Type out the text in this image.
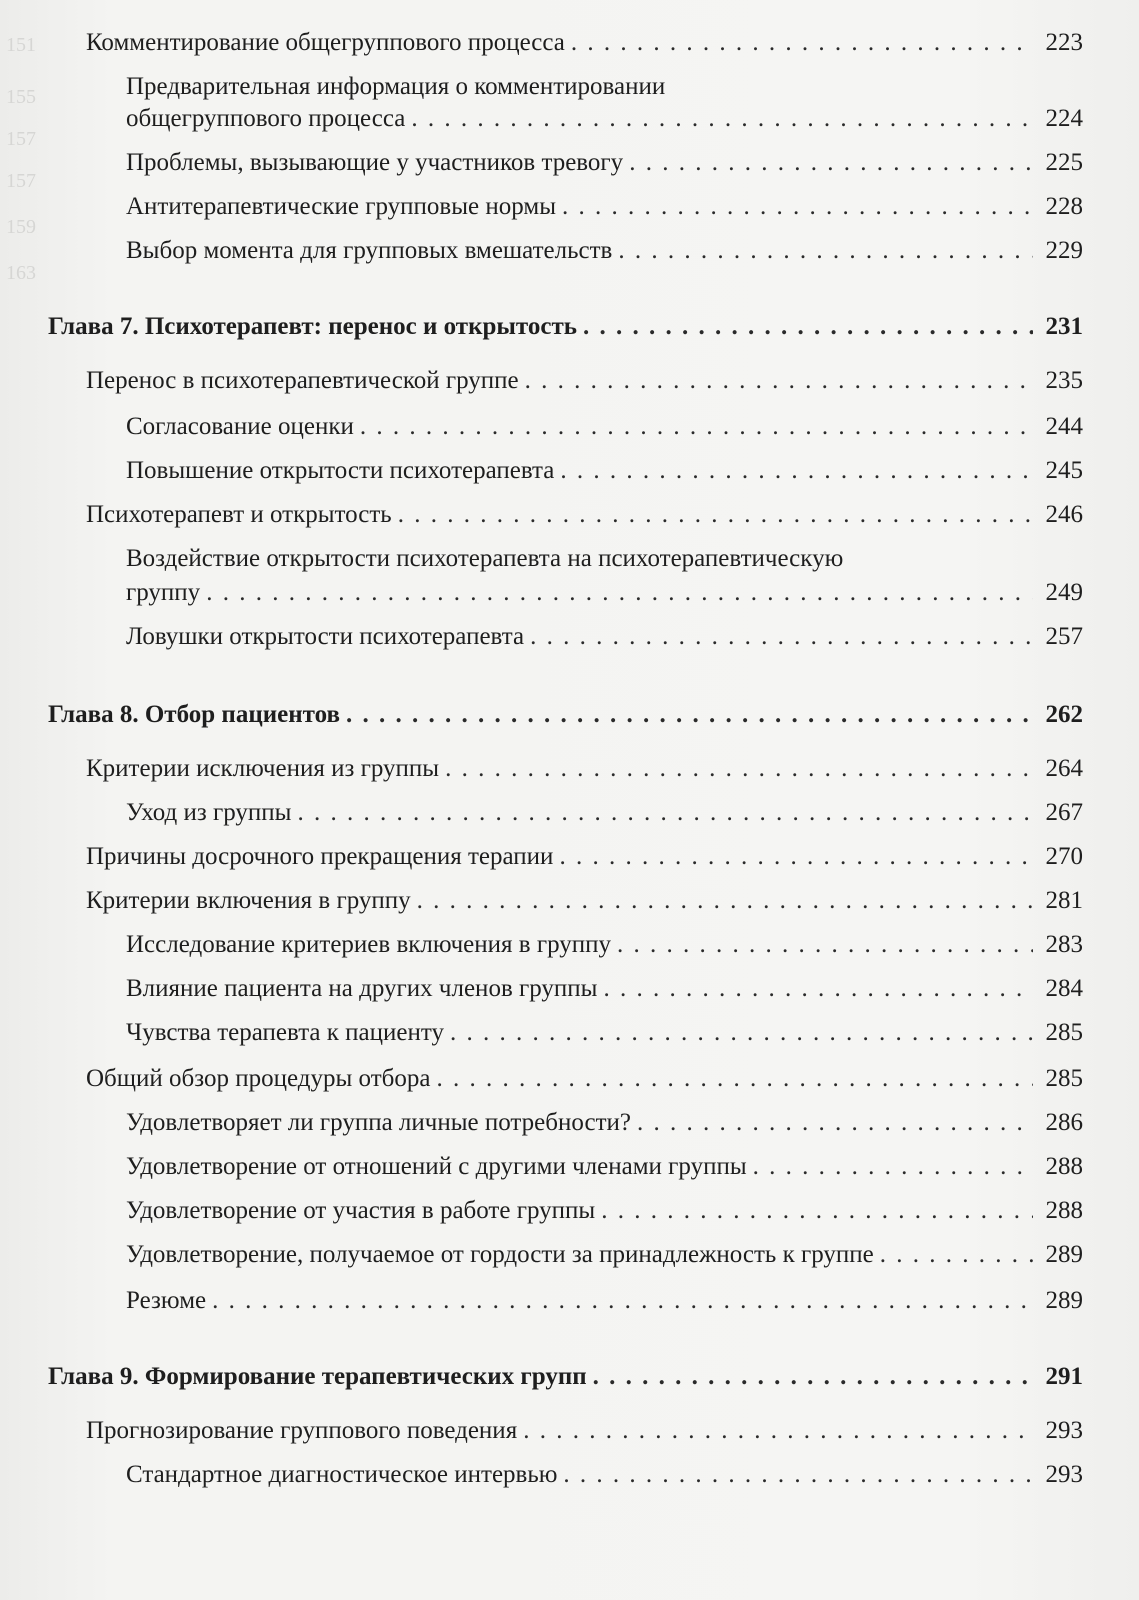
151
155
157
157
159
163
Комментирование общегруппового процесса . . .	223
Предварительная информация о комментировании
общегруппового процесса . . .	224
Проблемы, вызывающие у участников тревогу . . .	225
Антитерапевтические групповые нормы . . .	228
Выбор момента для групповых вмешательств . . .	229
Глава 7. Психотерапевт: перенос и открытость . . .	231
Перенос в психотерапевтической группе . . .	235
Согласование оценки . . .	244
Повышение открытости психотерапевта . . .	245
Психотерапевт и открытость . . .	246
Воздействие открытости психотерапевта на психотерапевтическую
группу . . .	249
Ловушки открытости психотерапевта . . .	257
Глава 8. Отбор пациентов . . .	262
Критерии исключения из группы . . .	264
Уход из группы . . .	267
Причины досрочного прекращения терапии . . .	270
Критерии включения в группу . . .	281
Исследование критериев включения в группу . . .	283
Влияние пациента на других членов группы . . .	284
Чувства терапевта к пациенту . . .	285
Общий обзор процедуры отбора . . .	285
Удовлетворяет ли группа личные потребности? . . .	286
Удовлетворение от отношений с другими членами группы . . .	288
Удовлетворение от участия в работе группы . . .	288
Удовлетворение, получаемое от гордости за принадлежность к группе . . .	289
Резюме . . .	289
Глава 9. Формирование терапевтических групп . . .	291
Прогнозирование группового поведения . . .	293
Стандартное диагностическое интервью . . .	293
